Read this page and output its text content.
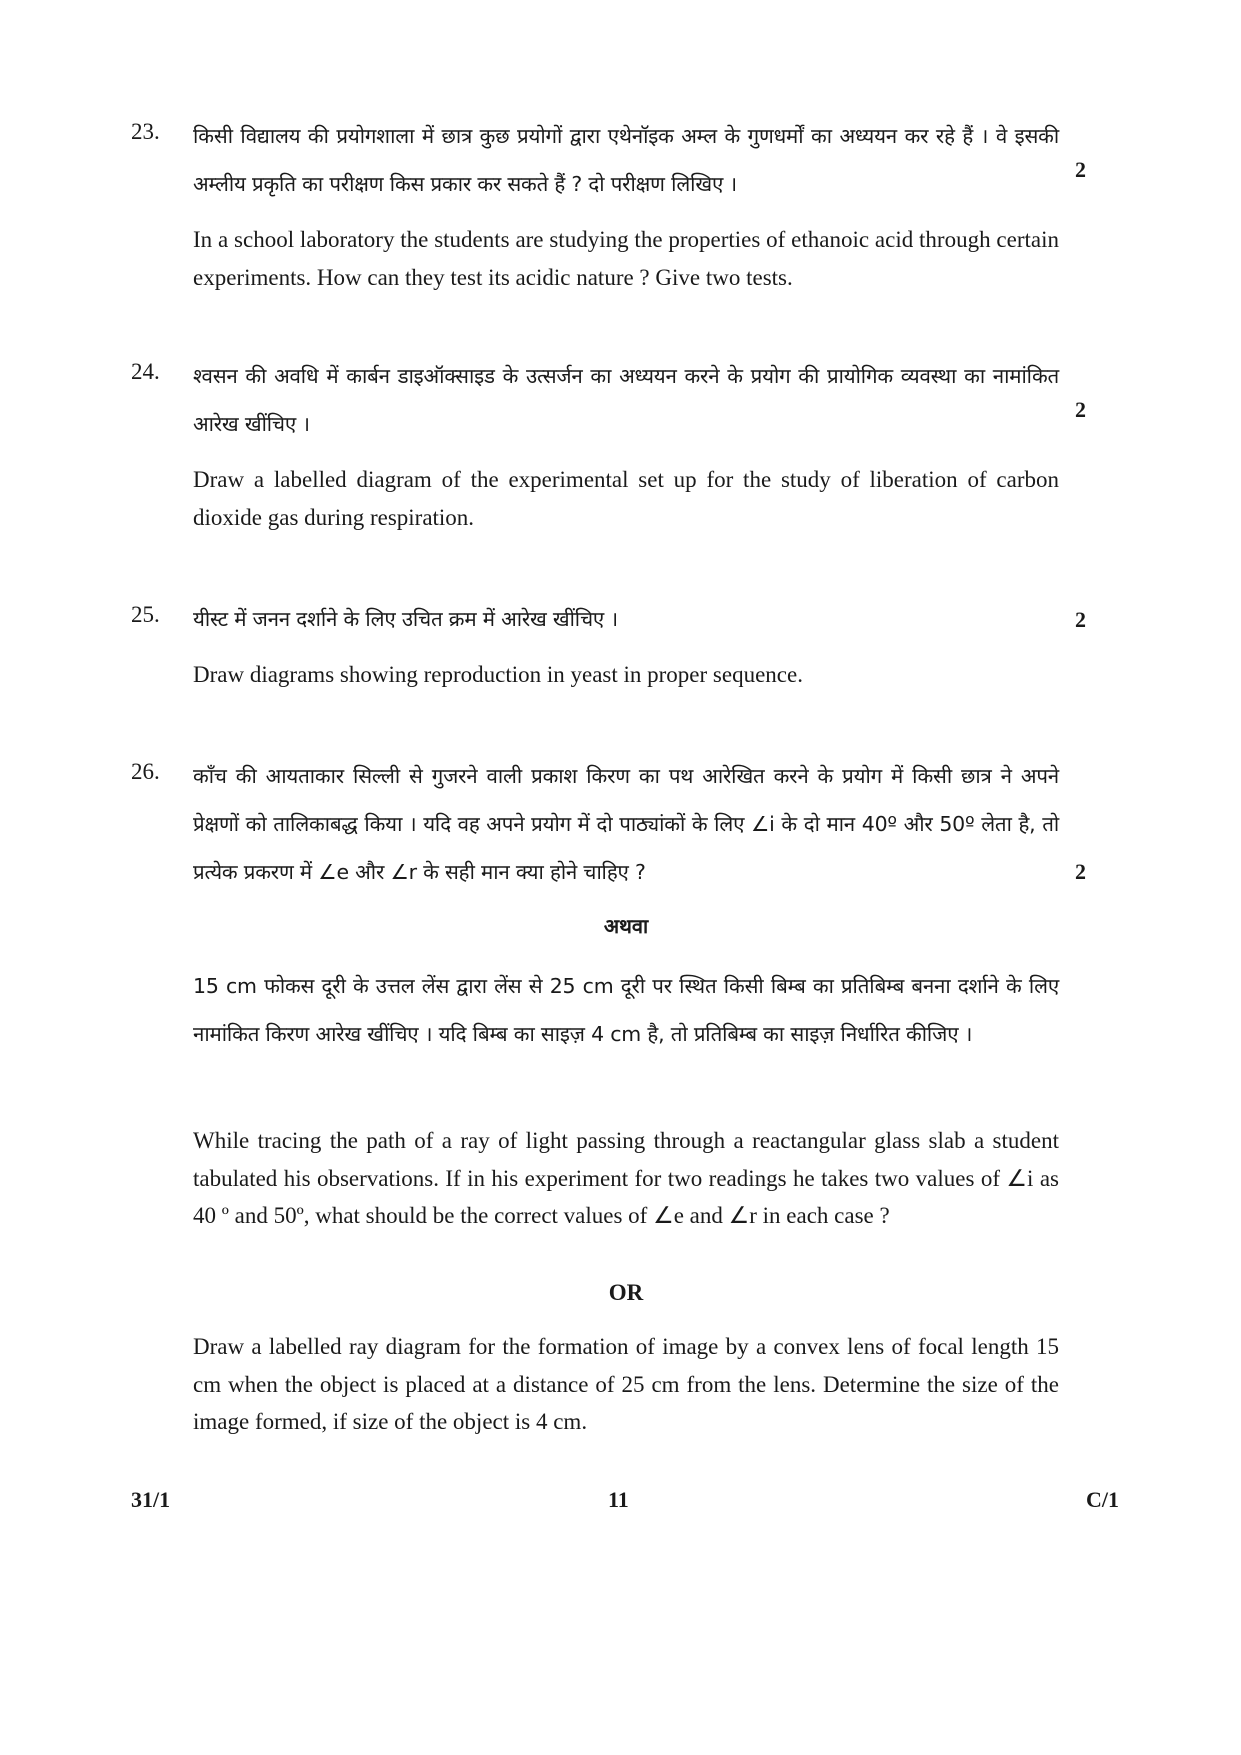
23. किसी विद्यालय की प्रयोगशाला में छात्र कुछ प्रयोगों द्वारा एथेनॉइक अम्ल के गुणधर्मों का अध्ययन कर रहे हैं । वे इसकी अम्लीय प्रकृति का परीक्षण किस प्रकार कर सकते हैं ? दो परीक्षण लिखिए ।

In a school laboratory the students are studying the properties of ethanoic acid through certain experiments. How can they test its acidic nature ? Give two tests.

2
24. श्वसन की अवधि में कार्बन डाइऑक्साइड के उत्सर्जन का अध्ययन करने के प्रयोग की प्रायोगिक व्यवस्था का नामांकित आरेख खींचिए ।

Draw a labelled diagram of the experimental set up for the study of liberation of carbon dioxide gas during respiration.

2
25. यीस्ट में जनन दर्शाने के लिए उचित क्रम में आरेख खींचिए ।

Draw diagrams showing reproduction in yeast in proper sequence.

2
26. काँच की आयताकार सिल्ली से गुजरने वाली प्रकाश किरण का पथ आरेखित करने के प्रयोग में किसी छात्र ने अपने प्रेक्षणों को तालिकाबद्ध किया । यदि वह अपने प्रयोग में दो पाठ्यांकों के लिए ∠i के दो मान 40º और 50º लेता है, तो प्रत्येक प्रकरण में ∠e और ∠r के सही मान क्या होने चाहिए ?	2
अथवा

15 cm फोकस दूरी के उत्तल लेंस द्वारा लेंस से 25 cm दूरी पर स्थित किसी बिम्ब का प्रतिबिम्ब बनना दर्शाने के लिए नामांकित किरण आरेख खींचिए । यदि बिम्ब का साइज़ 4 cm है, तो प्रतिबिम्ब का साइज़ निर्धारित कीजिए ।

While tracing the path of a ray of light passing through a reactangular glass slab a student tabulated his observations. If in his experiment for two readings he takes two values of ∠i as 40 º and 50º, what should be the correct values of ∠e and ∠r in each case ?

OR

Draw a labelled ray diagram for the formation of image by a convex lens of focal length 15 cm when the object is placed at a distance of 25 cm from the lens. Determine the size of the image formed, if size of the object is 4 cm.

31/1	11	C/1
